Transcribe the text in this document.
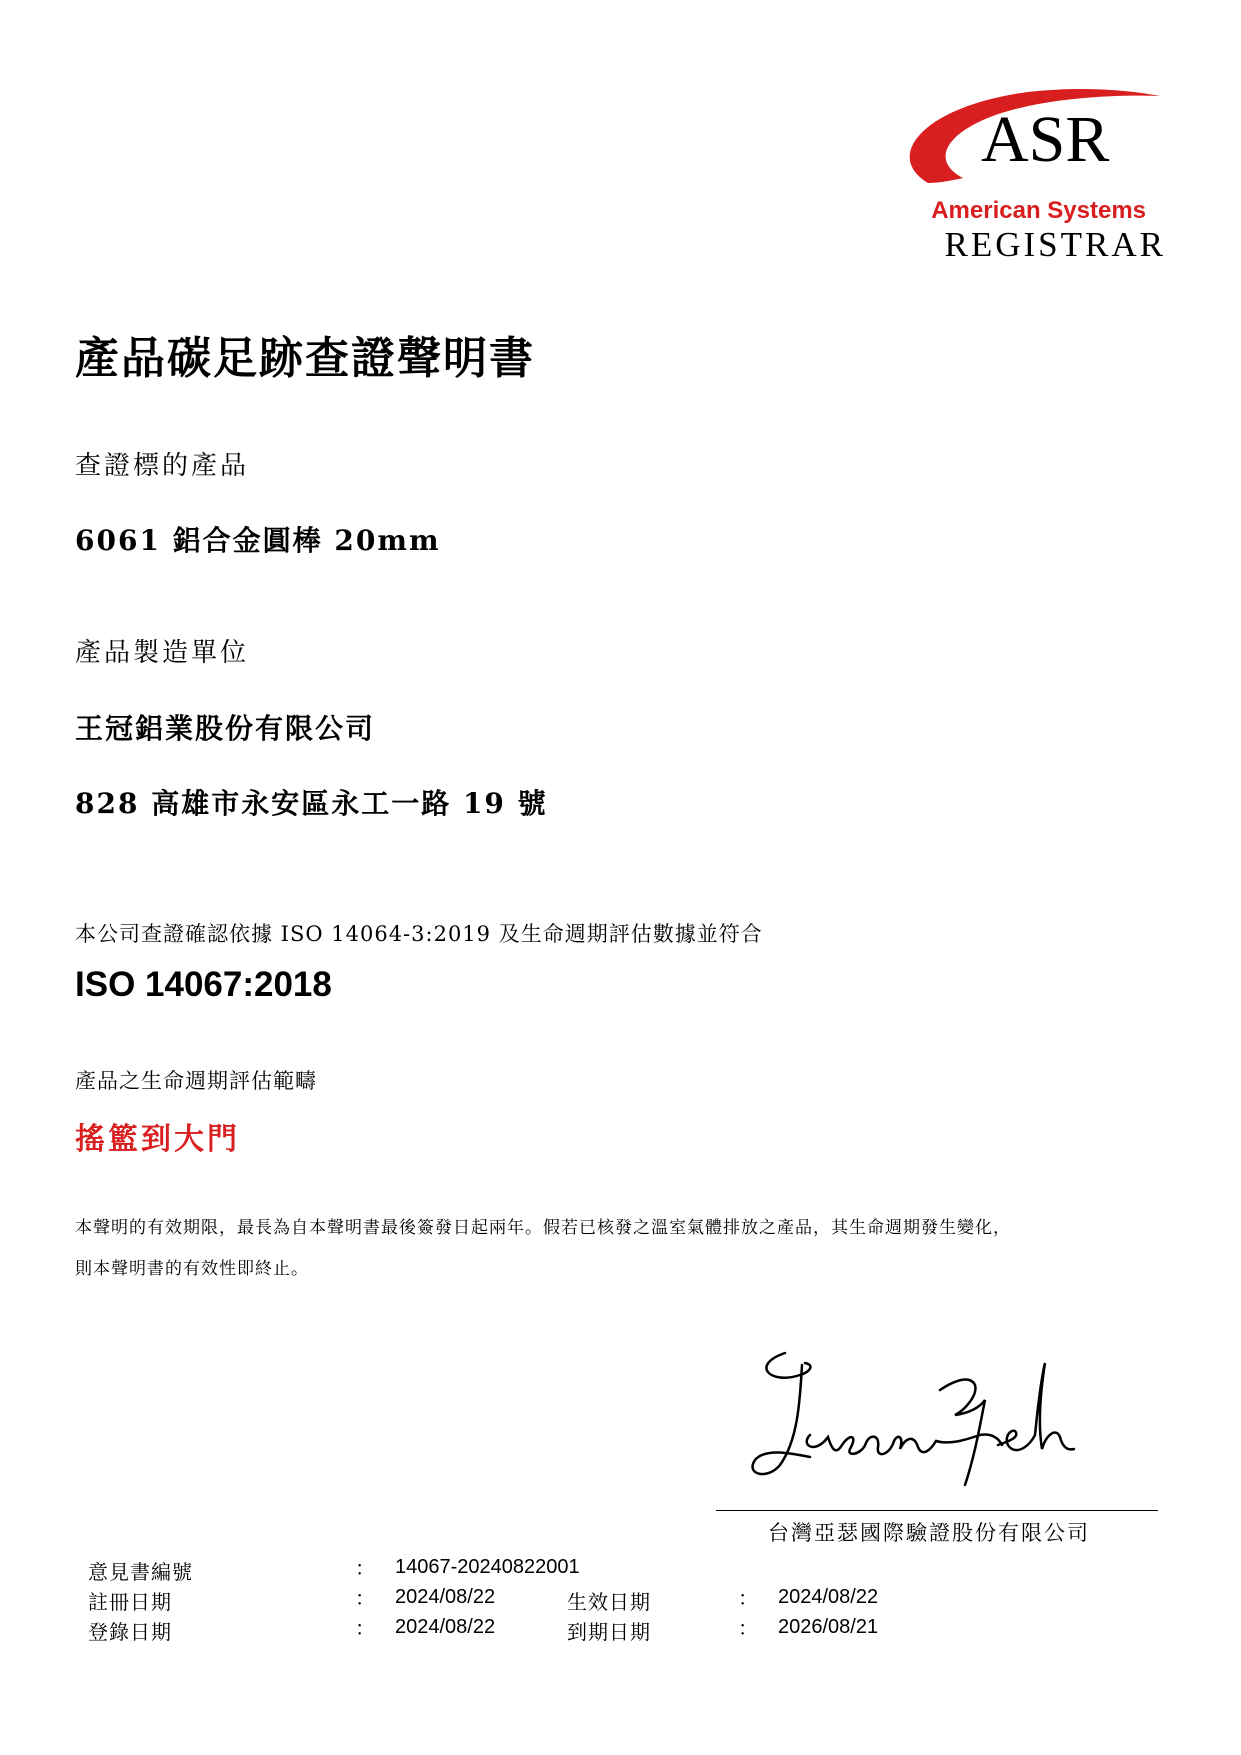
ASR
American Systems
REGISTRAR
產品碳足跡查證聲明書
查證標的產品
6061 鋁合金圓棒 20mm
產品製造單位
王冠鋁業股份有限公司
828 高雄市永安區永工一路 19 號
本公司查證確認依據 ISO 14064-3:2019 及生命週期評估數據並符合
ISO 14067:2018
產品之生命週期評估範疇
搖籃到大門
本聲明的有效期限，最長為自本聲明書最後簽發日起兩年。假若已核發之溫室氣體排放之產品，其生命週期發生變化，
則本聲明書的有效性即終止。
台灣亞瑟國際驗證股份有限公司
意見書編號	： 14067-20240822001
註冊日期	： 2024/08/22	生效日期	： 2024/08/22
登錄日期	： 2024/08/22	到期日期	： 2026/08/21
